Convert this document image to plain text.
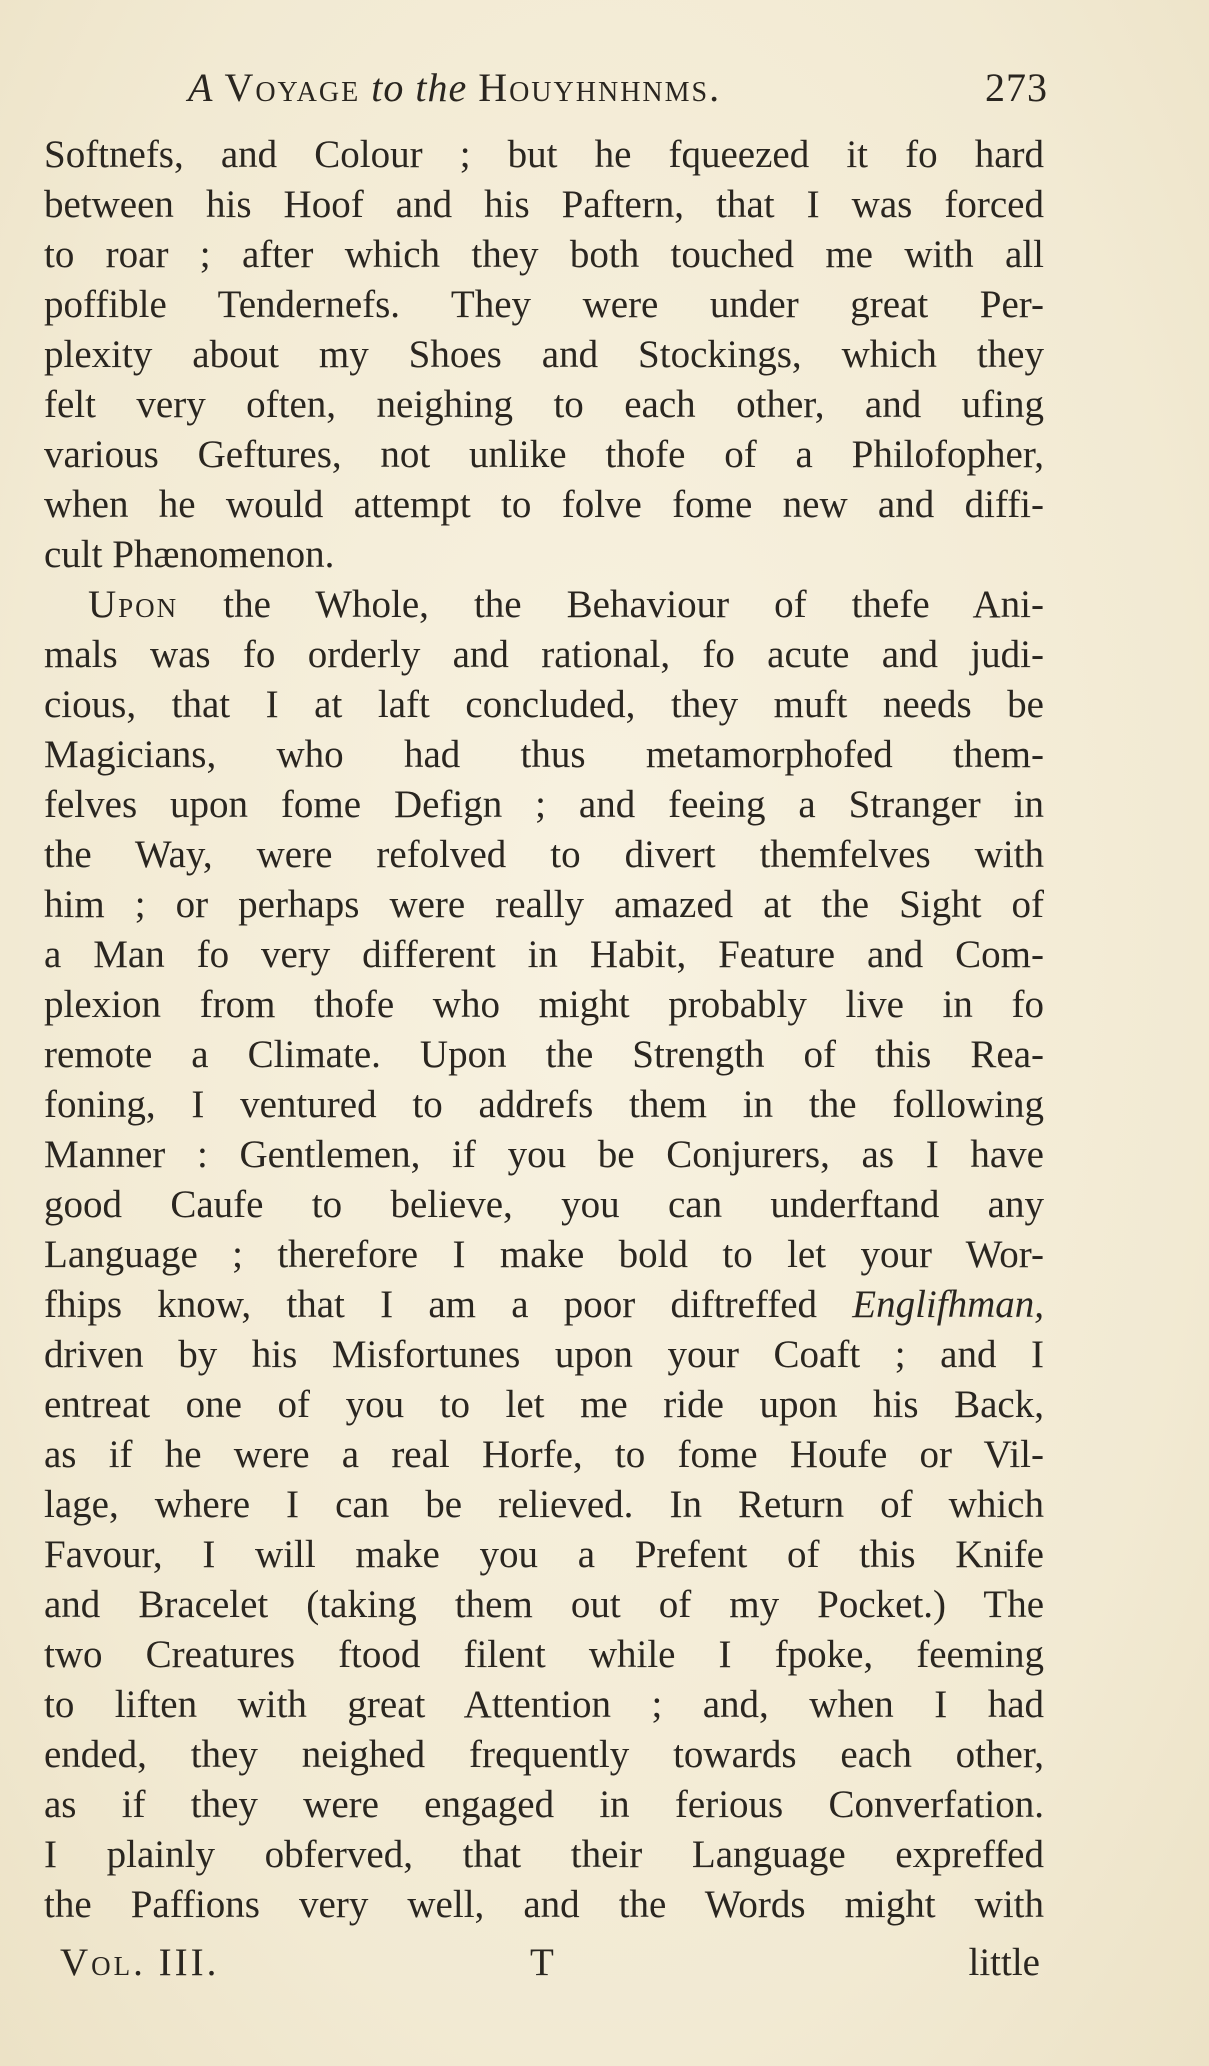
A Voyage to the Houyhnhnms.	273
Softnefs, and Colour ; but he fqueezed it fo hard
between his Hoof and his Paftern, that I was forced
to roar ; after which they both touched me with all
poffible Tendernefs. They were under great Per-
plexity about my Shoes and Stockings, which they
felt very often, neighing to each other, and ufing
various Geftures, not unlike thofe of a Philofopher,
when he would attempt to folve fome new and diffi-
cult Phænomenon.
Upon the Whole, the Behaviour of thefe Ani-
mals was fo orderly and rational, fo acute and judi-
cious, that I at laft concluded, they muft needs be
Magicians, who had thus metamorphofed them-
felves upon fome Defign ; and feeing a Stranger in
the Way, were refolved to divert themfelves with
him ; or perhaps were really amazed at the Sight of
a Man fo very different in Habit, Feature and Com-
plexion from thofe who might probably live in fo
remote a Climate. Upon the Strength of this Rea-
foning, I ventured to addrefs them in the following
Manner : Gentlemen, if you be Conjurers, as I have
good Caufe to believe, you can underftand any
Language ; therefore I make bold to let your Wor-
fhips know, that I am a poor diftreffed Englifhman,
driven by his Misfortunes upon your Coaft ; and I
entreat one of you to let me ride upon his Back,
as if he were a real Horfe, to fome Houfe or Vil-
lage, where I can be relieved. In Return of which
Favour, I will make you a Prefent of this Knife
and Bracelet (taking them out of my Pocket.) The
two Creatures ftood filent while I fpoke, feeming
to liften with great Attention ; and, when I had
ended, they neighed frequently towards each other,
as if they were engaged in ferious Converfation.
I plainly obferved, that their Language expreffed
the Paffions very well, and the Words might with
Vol. III.	T	little
